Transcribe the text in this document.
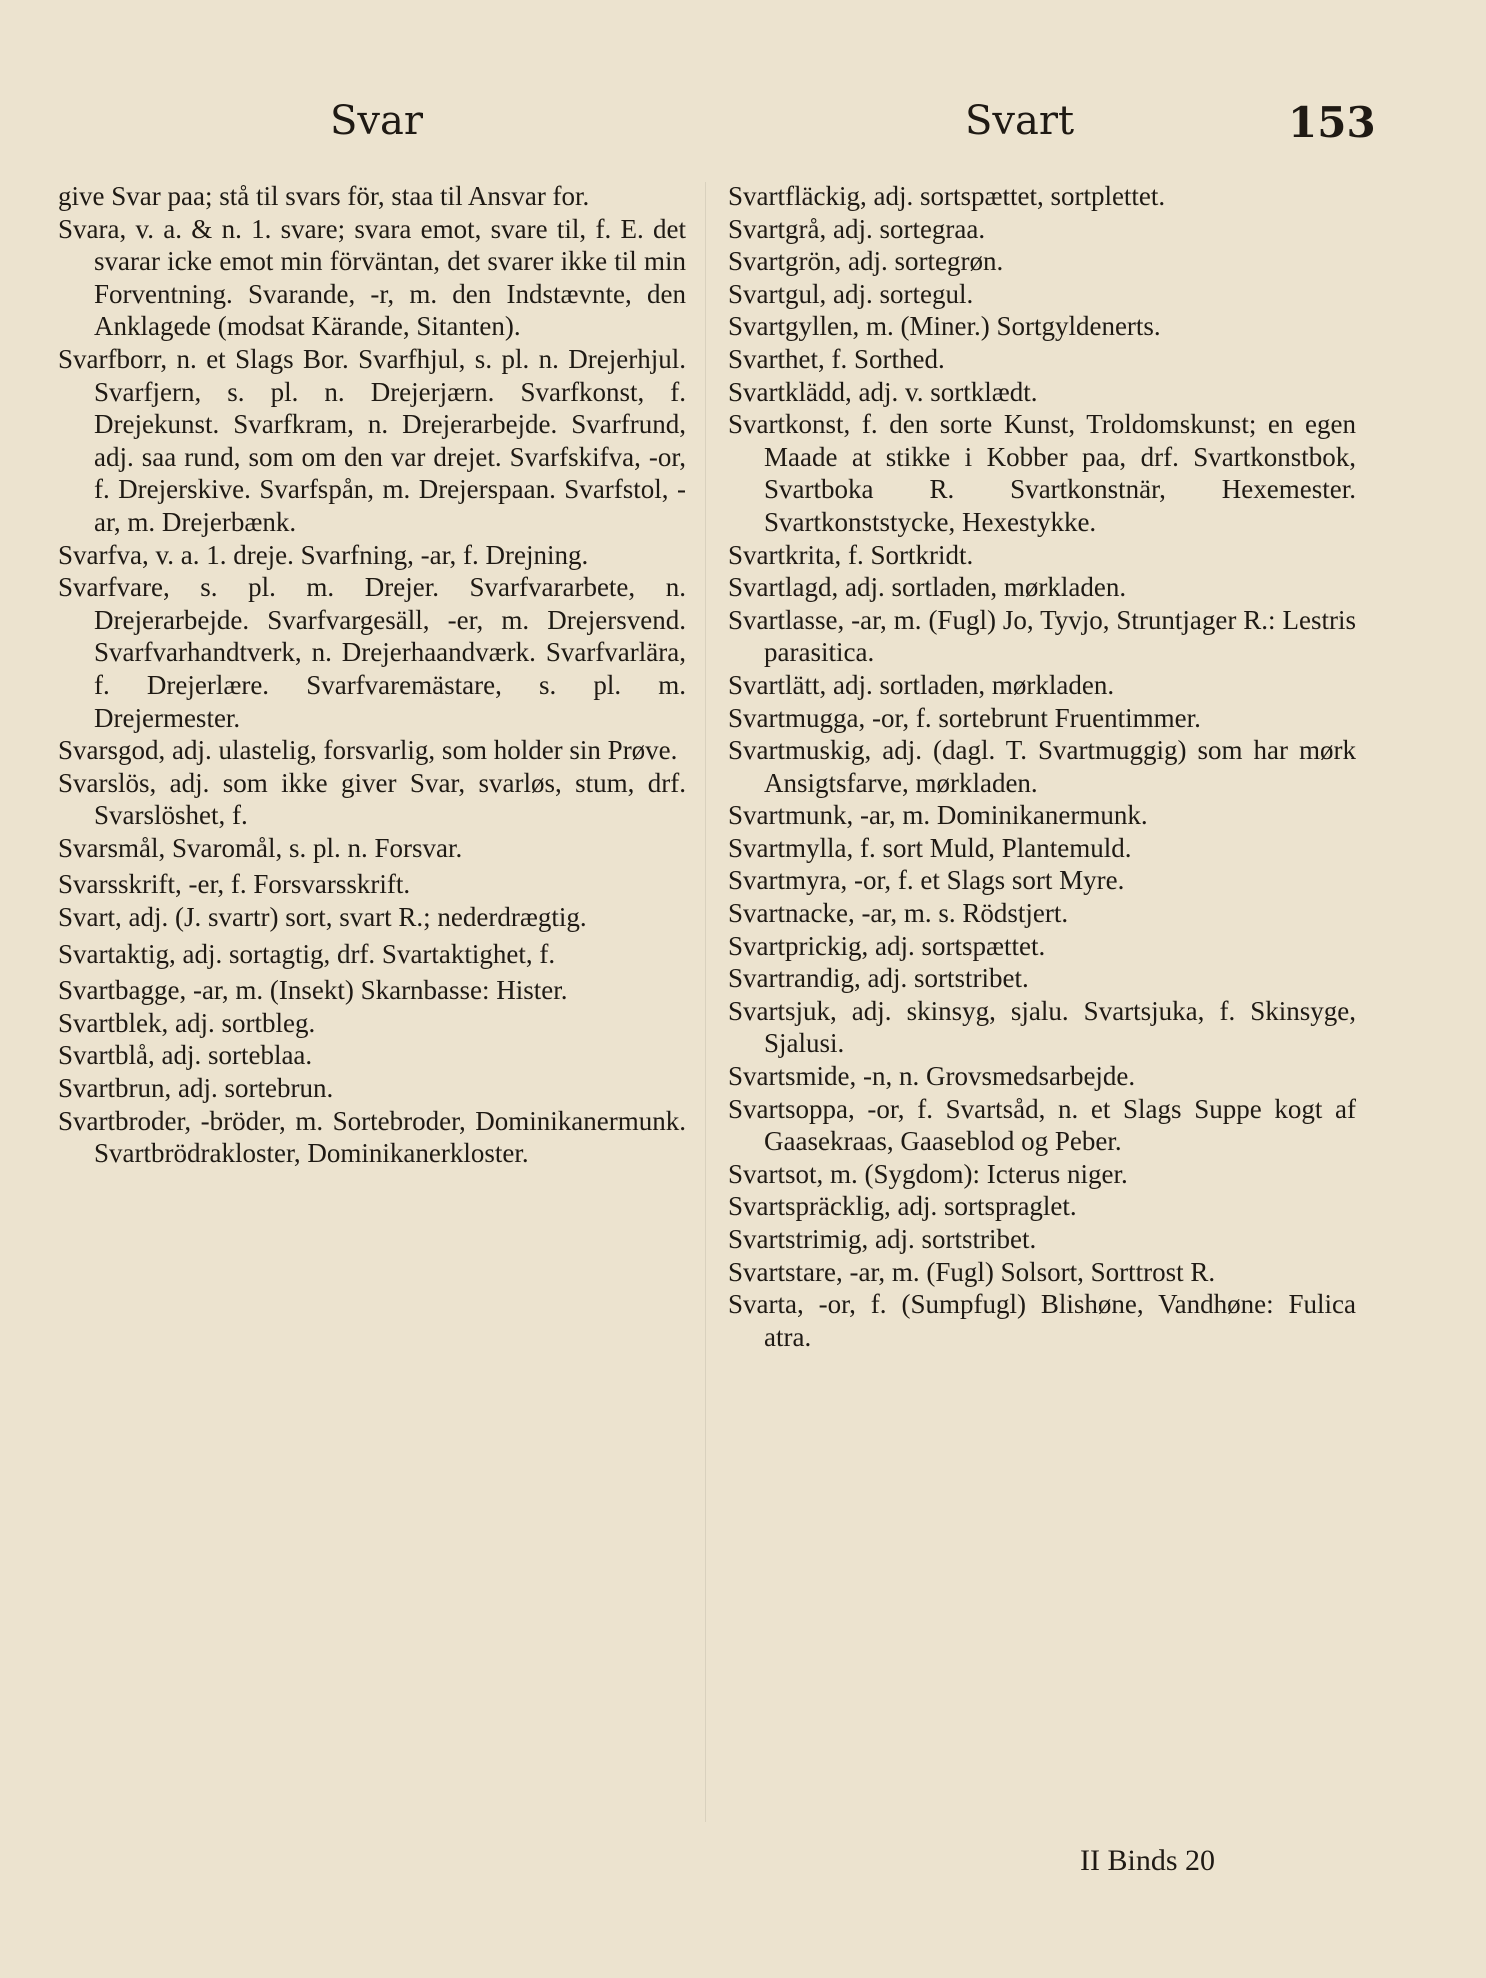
Svar	Svart	153
give Svar paa; stå til svars för, staa til Ansvar for.
Svara, v. a. & n. 1. svare; svara emot, svare til, f. E. det svarar icke emot min förväntan, det svarer ikke til min Forventning. Svarande, -r, m. den Indstævnte, den Anklagede (modsat Kärande, Sitanten).
Svarfborr, n. et Slags Bor. Svarfhjul, s. pl. n. Drejerhjul. Svarfjern, s. pl. n. Drejerjærn. Svarfkonst, f. Drejekunst. Svarfkram, n. Drejerarbejde. Svarfrund, adj. saa rund, som om den var drejet. Svarfskifva, -or, f. Drejerskive. Svarfspån, m. Drejerspaan. Svarfstol, -ar, m. Drejerbænk.
Svarfva, v. a. 1. dreje. Svarfning, -ar, f. Drejning.
Svarfvare, s. pl. m. Drejer. Svarfvararbete, n. Drejerarbejde. Svarfvargesäll, -er, m. Drejersvend. Svarfvarhandtverk, n. Drejerhaandværk. Svarfvarlära, f. Drejerlære. Svarfvaremästare, s. pl. m. Drejermester.
Svarsgod, adj. ulastelig, forsvarlig, som holder sin Prøve.
Svarslös, adj. som ikke giver Svar, svarløs, stum, drf. Svarslöshet, f.
Svarsmål, Svaromål, s. pl. n. Forsvar.
Svarsskrift, -er, f. Forsvarsskrift.
Svart, adj. (J. svartr) sort, svart R.; nederdrægtig.
Svartaktig, adj. sortagtig, drf. Svartaktighet, f.
Svartbagge, -ar, m. (Insekt) Skarnbasse: Hister.
Svartblek, adj. sortbleg.
Svartblå, adj. sorteblaa.
Svartbrun, adj. sortebrun.
Svartbroder, -bröder, m. Sortebroder, Dominikanermunk. Svartbrödrakloster, Dominikanerkloster.
Svartfläckig, adj. sortspættet, sortplettet.
Svartgrå, adj. sortegraa.
Svartgrön, adj. sortegrøn.
Svartgul, adj. sortegul.
Svartgyllen, m. (Miner.) Sortgyldenerts.
Svarthet, f. Sorthed.
Svartklädd, adj. v. sortklædt.
Svartkonst, f. den sorte Kunst, Troldomskunst; en egen Maade at stikke i Kobber paa, drf. Svartkonstbok, Svartboka R. Svartkonstnär, Hexemester. Svartkonststycke, Hexestykke.
Svartkrita, f. Sortkridt.
Svartlagd, adj. sortladen, mørkladen.
Svartlasse, -ar, m. (Fugl) Jo, Tyvjo, Struntjager R.: Lestris parasitica.
Svartlätt, adj. sortladen, mørkladen.
Svartmugga, -or, f. sortebrunt Fruentimmer.
Svartmuskig, adj. (dagl. T. Svartmuggig) som har mørk Ansigtsfarve, mørkladen.
Svartmunk, -ar, m. Dominikanermunk.
Svartmylla, f. sort Muld, Plantemuld.
Svartmyra, -or, f. et Slags sort Myre.
Svartnacke, -ar, m. s. Rödstjert.
Svartprickig, adj. sortspættet.
Svartrandig, adj. sortstribet.
Svartsjuk, adj. skinsyg, sjalu. Svartsjuka, f. Skinsyge, Sjalusi.
Svartsmide, -n, n. Grovsmedsarbejde.
Svartsoppa, -or, f. Svartsåd, n. et Slags Suppe kogt af Gaasekraas, Gaaseblod og Peber.
Svartsot, m. (Sygdom): Icterus niger.
Svartspräcklig, adj. sortspraglet.
Svartstrimig, adj. sortstribet.
Svartstare, -ar, m. (Fugl) Solsort, Sorttrost R.
Svarta, -or, f. (Sumpfugl) Blishøne, Vandhøne: Fulica atra.
II Binds 20
